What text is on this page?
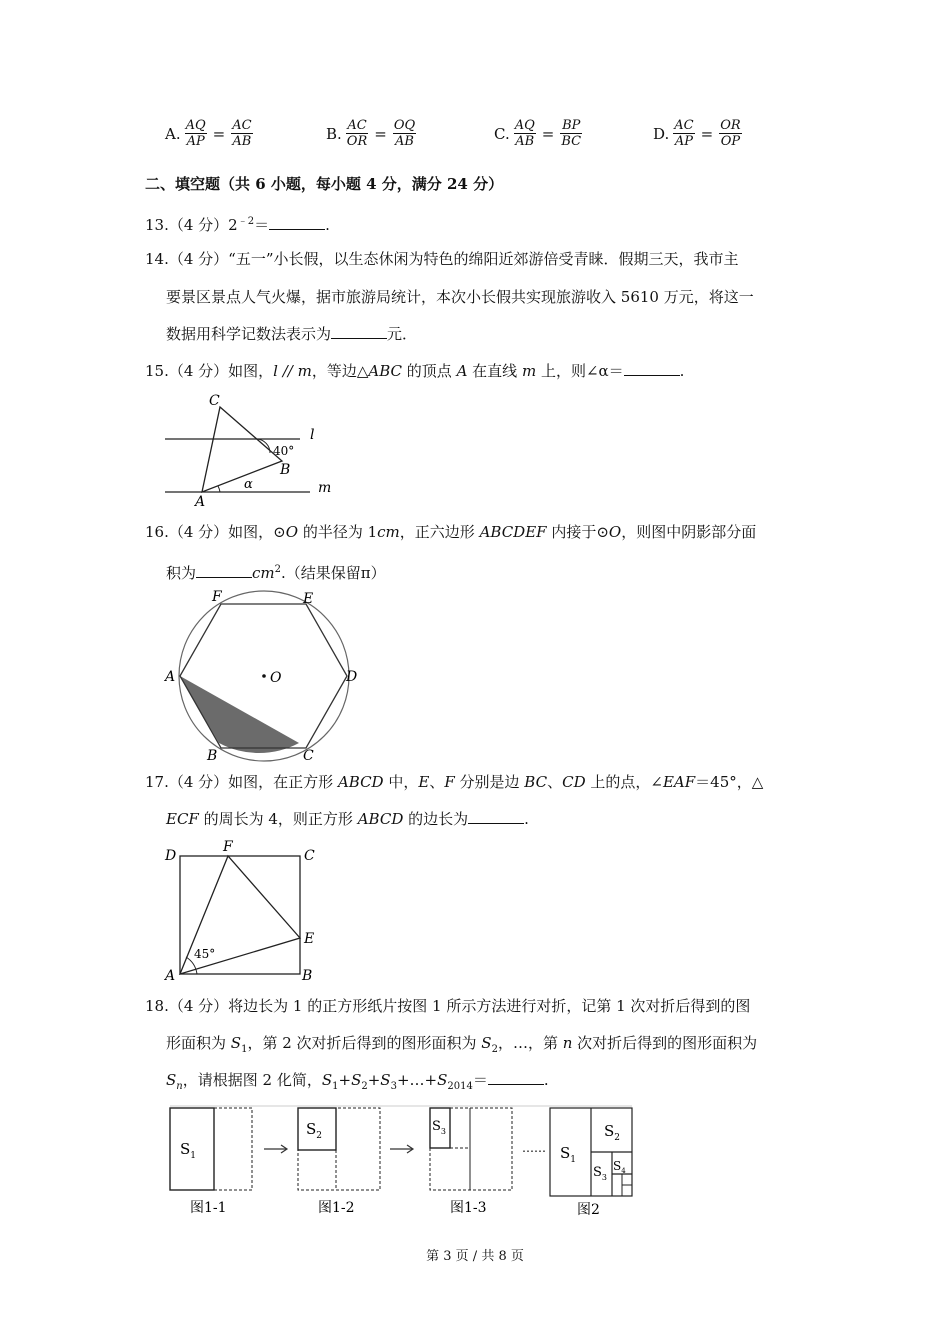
A. $\frac{AQ}{AP} = \frac{AC}{AB}$	B. $\frac{AC}{OR} = \frac{OQ}{AB}$	C. $\frac{AQ}{AB} = \frac{BP}{BC}$	D. $\frac{AC}{AP} = \frac{OR}{OP}$
二、填空题（共 6 小题，每小题 4 分，满分 24 分）
13.（4 分）$2^{﹣2}=$	.
14.（4 分）“五一”小长假，以生态休闲为特色的绵阳近郊游倍受青睐．假期三天，我市主
要景区景点人气火爆，据市旅游局统计，本次小长假共实现旅游收入 5610 万元，将这一
数据用科学记数法表示为	元．
15.（4 分）如图，l // m，等边△ABC 的顶点 A 在直线 m 上，则∠α＝	.
C
B
A
l
m
40°
α
16.（4 分）如图，⊙O 的半径为 1cm，正六边形 ABCDEF 内接于⊙O，则图中阴影部分面
积为	$cm^2$.（结果保留π）
F	E
A	D
O
B	C
17.（4 分）如图，在正方形 ABCD 中，E、F 分别是边 BC、CD 上的点，∠EAF＝45°，△
ECF 的周长为 4，则正方形 ABCD 的边长为	.
D
F
C
E
A	B
45°
18.（4 分）将边长为 1 的正方形纸片按图 1 所示方法进行对折，记第 1 次对折后得到的图
形面积为 $S_1$，第 2 次对折后得到的图形面积为 $S_2$，…，第 n 次对折后得到的图形面积为
$S_n$，请根据图 2 化简，$S_1+S_2+S_3+\dots+S_{2014}=$	.
$S_1$
图1-1
$S_2$
图1-2
$S_3$
图1-3
…… $S_1$
$S_2$
$S_3$
$S_4$
图2
第 3 页 / 共 8 页
